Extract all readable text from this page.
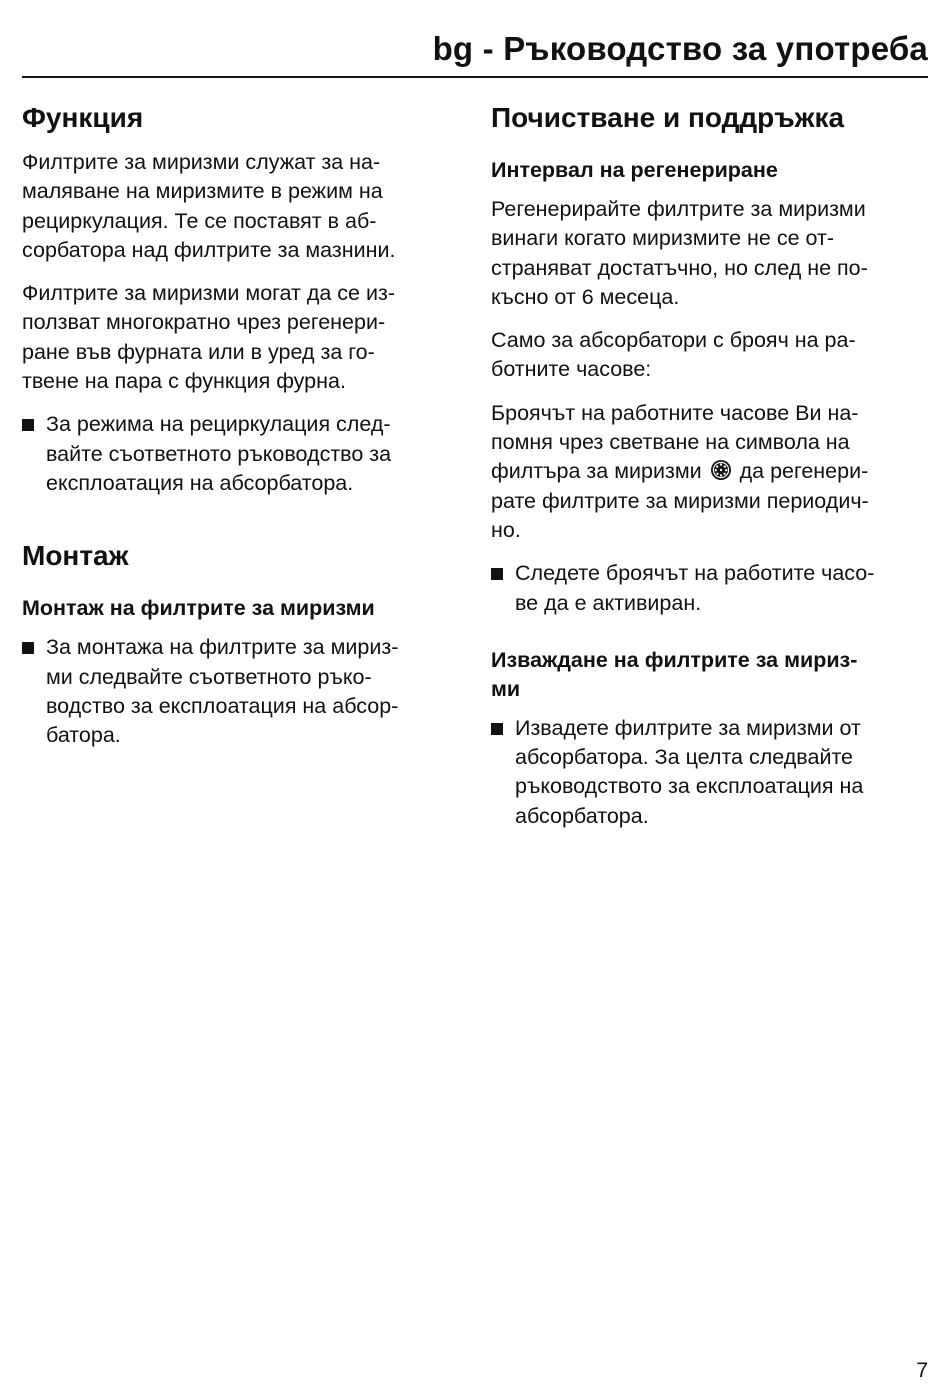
bg - Ръководство за употреба
Функция

Филтрите за миризми служат за на-
маляване на миризмите в режим на
рециркулация. Те се поставят в аб-
сорбатора над филтрите за мазнини.

Филтрите за миризми могат да се из-
ползват многократно чрез регенери-
ране във фурната или в уред за го-
твене на пара с функция фурна.

За режима на рециркулация след-
вайте съответното ръководство за
експлоатация на абсорбатора.
Монтаж
Монтаж на филтрите за миризми
За монтажа на филтрите за мириз-
ми следвайте съответното ръко-
водство за експлоатация на абсор-
батора.
Почистване и поддръжка
Интервал на регенериране

Регенерирайте филтрите за миризми
винаги когато миризмите не се от-
страняват достатъчно, но след не по-
късно от 6 месеца.

Само за абсорбатори с брояч на ра-
ботните часове:

Броячът на работните часове Ви на-
помня чрез светване на символа на
филтъра за миризми да регенери-
рате филтрите за миризми периодич-
но.

Следете броячът на работите часо-
ве да е активиран.
Изваждане на филтрите за мириз-
ми
Извадете филтрите за миризми от
абсорбатора. За целта следвайте
ръководството за експлоатация на
абсорбатора.
7
